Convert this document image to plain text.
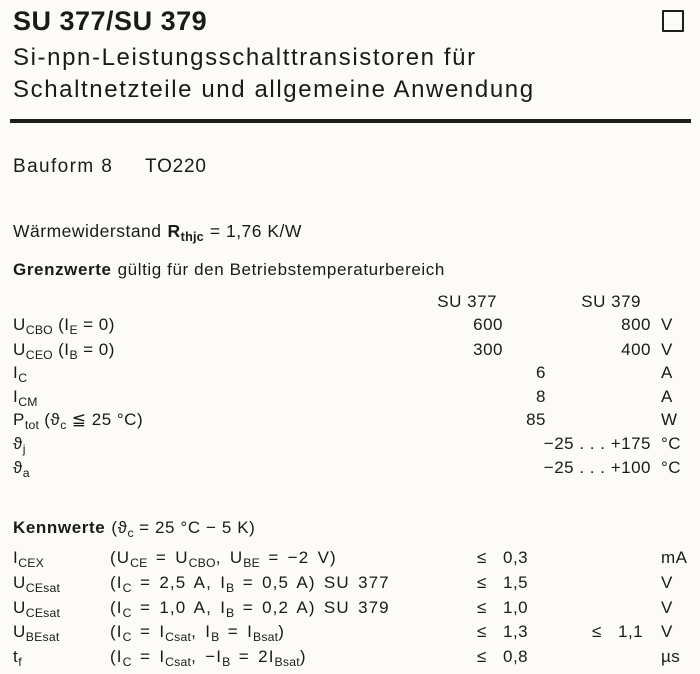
SU 377/SU 379
Si-npn-Leistungsschalttransistoren für
Schaltnetzteile und allgemeine Anwendung
Bauform 8 TO220
Wärmewiderstand $R_{thjc} = 1,76$ K/W
Grenzwerte gültig für den Betriebstemperaturbereich
SU 377	SU 379
$U_{CBO}$ $(I_E = 0)$	600	800 V
$U_{CEO}$ $(I_B = 0)$	300	400 V
$I_C$	6	A
$I_{CM}$	8	A
$P_{tot}$ ($ϑ_c$ ≦ 25 °C)	85	W
$ϑ_j$	−25 . . . +175 °C
$ϑ_a$	−25 . . . +100 °C
Kennwerte ($ϑ_c = 25$ °C − 5 K)
$I_{CEX}$	($U_{CE} = U_{CBO}$, $U_{BE} = -2$ V)	≤ 0,3	mA
$U_{CEsat}$	($I_C = 2,5$ A, $I_B = 0,5$ A) SU 377	≤ 1,5	V
$U_{CEsat}$	($I_C = 1,0$ A, $I_B = 0,2$ A) SU 379	≤ 1,0	V
$U_{BEsat}$	($I_C = I_{Csat}$, $I_B = I_{Bsat}$)	≤ 1,3	≤ 1,1 V
$t_f$	($I_C = I_{Csat}$, $-I_B = 2I_{Bsat}$)	≤ 0,8	µs
